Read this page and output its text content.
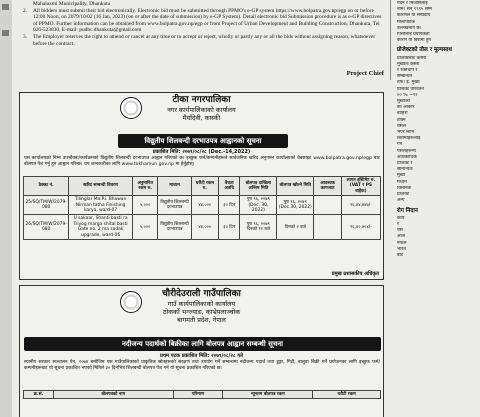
Mahalaxmi Municipality, Dhankuta
2.	All bidders must submit their bid electronically. Electronic bid must be submitted through PPMO's e-GP system https://www.bolpatra.gov.np/egp on or before 12:00 Noon, on 2079/10/02 (16 Jan, 2023) (on or after the date of submission) by e-GP System). Detail electronic bid Submission procedure is as e-GP directives of PPMO. Further information can be obtained from www.bolpatra.gov.np/egp or from Project of Urban Development and Building Construction, Dhankuta, Tel 026-523830, E-mail: pudbc.dhankuta@gmail.com
3.	The Employer reserves the right to amend or cancel at any time or to accept or reject, wholly or partly any or all the bids without assigning reason, whatsoever before the contract.
Project Chief
टीका नगरपालिका
नगर कार्यपालिकाको कार्यालय
मैयाँदेवी, कास्की
विद्युतीय शिलबन्दी दरभाउपत्र आह्वानको सूचना
प्रकाशित मिति: २०७९/०८/२८ (Dec.-14,2022)
यस कार्यालयको निम्न उपभोक्ता/कार्यक्रमको विद्युतीय शिलबन्दी दरभाउपत्र आह्वान गरिएको छ। इच्छुक फर्म/कम्पनीहरूले सार्वजनिक खरिद अनुगमन कार्यालयको वेबसाइट www.bolpatra.gov.np/egp बाट बोलपत्र पेश गर्नु हुन आह्वान गरिन्छ। थप जानकारीका लागि www.tokhamun.gov.np मा हेर्नुहोस्।
ठेक्का नं.	खरिद सम्बन्धी विवरण	अनुमानित रकम रु.	माध्यम	धरौटी रकम रु.	वैधता अवधि	बोलपत्र दाखिला अन्तिम मिति	बोलपत्र खोल्ने मिति	आवश्यक कागजात	लागत इस्टिमेट रु. (VAT र PS बाहेक)
25/SQ/TM/W/2079-080	Tilinglar Ma.Ri. Bhawan Nirman tatha Finishing karya, ward-07	५,०००	विद्युतीय शिलबन्दी दरभाउपत्र	४४,०००	३० दिन	पुष ९६, २०७९ (Dec. 30, 2022)	पुष ९६, २०७९ (Dec.30, 2022)		१६,४४,४४७/-
26/SQ/TM/W/2079-080	U sakaar, Shanti basti ra Triyog marga shital basti Gate no. 2 ma sadak upgrade, ward-06	५,०००	विद्युतीय शिलबन्दी दरभाउपत्र	४४,०००	३० दिन	पुष ९६, २०७९ दिनको १२ बजे	दिनको २ बजे		१६,४०,४०४/-
प्रमुख प्रशासकीय अधिकृत
चौरीदेउराली गाउँपालिका
गाउँ कार्यपालिकाको कार्यालय
ठोकर्को भन्ज्याङ, काभ्रेपलाञ्चोक
बागमती प्रदेश, नेपाल
नदीजन्य पदार्थको बिक्रीका लागि बोलपत्र आह्वान सम्बन्धी सूचना
प्रथम पटक प्रकाशित मिति: २०७९/०८/२८ गते
स्थानीय सरकार सञ्चालन ऐन, २०७४ बमोजिम यस गाउँपालिकाको प्राकृतिक स्रोतहरूको संरक्षण तथा उपयोग गर्ने सम्बन्धमा नदीजन्य पदार्थ तथा ढुङ्गा, गिटी, बालुवा बिक्री गर्ने प्रयोजनका लागि इच्छुक फर्म/कम्पनीहरूबाट यो सूचना प्रकाशित भएको मितिले ३० दिनभित्र शिलबन्दी बोलपत्र पेश गर्न यो सूचना प्रकाशित गरिएको छ।
क्र.सं.	बोलपत्रको नाम	परिमाण	न्यूनतम बोलपत्र रकम	धरौटी रकम
पर्दैन र मिजासलाई
नाम। सन् १९९५ सम्म
कारणले यो सम्प्रदाय
माल्टेपेटिक
उल्लेखनीय छ।
पित्तीलाई प्रयोगकर्ता
कारण यो बिरामी हुने
प्रोजेक्टको तौल र मूल्यसाथ
प्रोजेक्टबाट कसरी
मुख्यतः कस्ता
र रक्तचाप र
सम्बन्धित
तर्फ। इ. मुख्य
प्रोजेक्ट परिवर्तन
०० % ~१२
मुख्यको
को आकार
बाहिरी
टोक्ने
यसले
भएर लागि
बिरामीहरूलाई
गर्न
पसलहरूमा
अधिकाधिक
प्रोजेक्ट र
सामान्यतः
मुख्य
मध्यम
क्लिनिक
प्रोजेक्ट
अन्य
रोग निदान
कार्य
र
यस
आज
नेपाल
भारत
बाट
